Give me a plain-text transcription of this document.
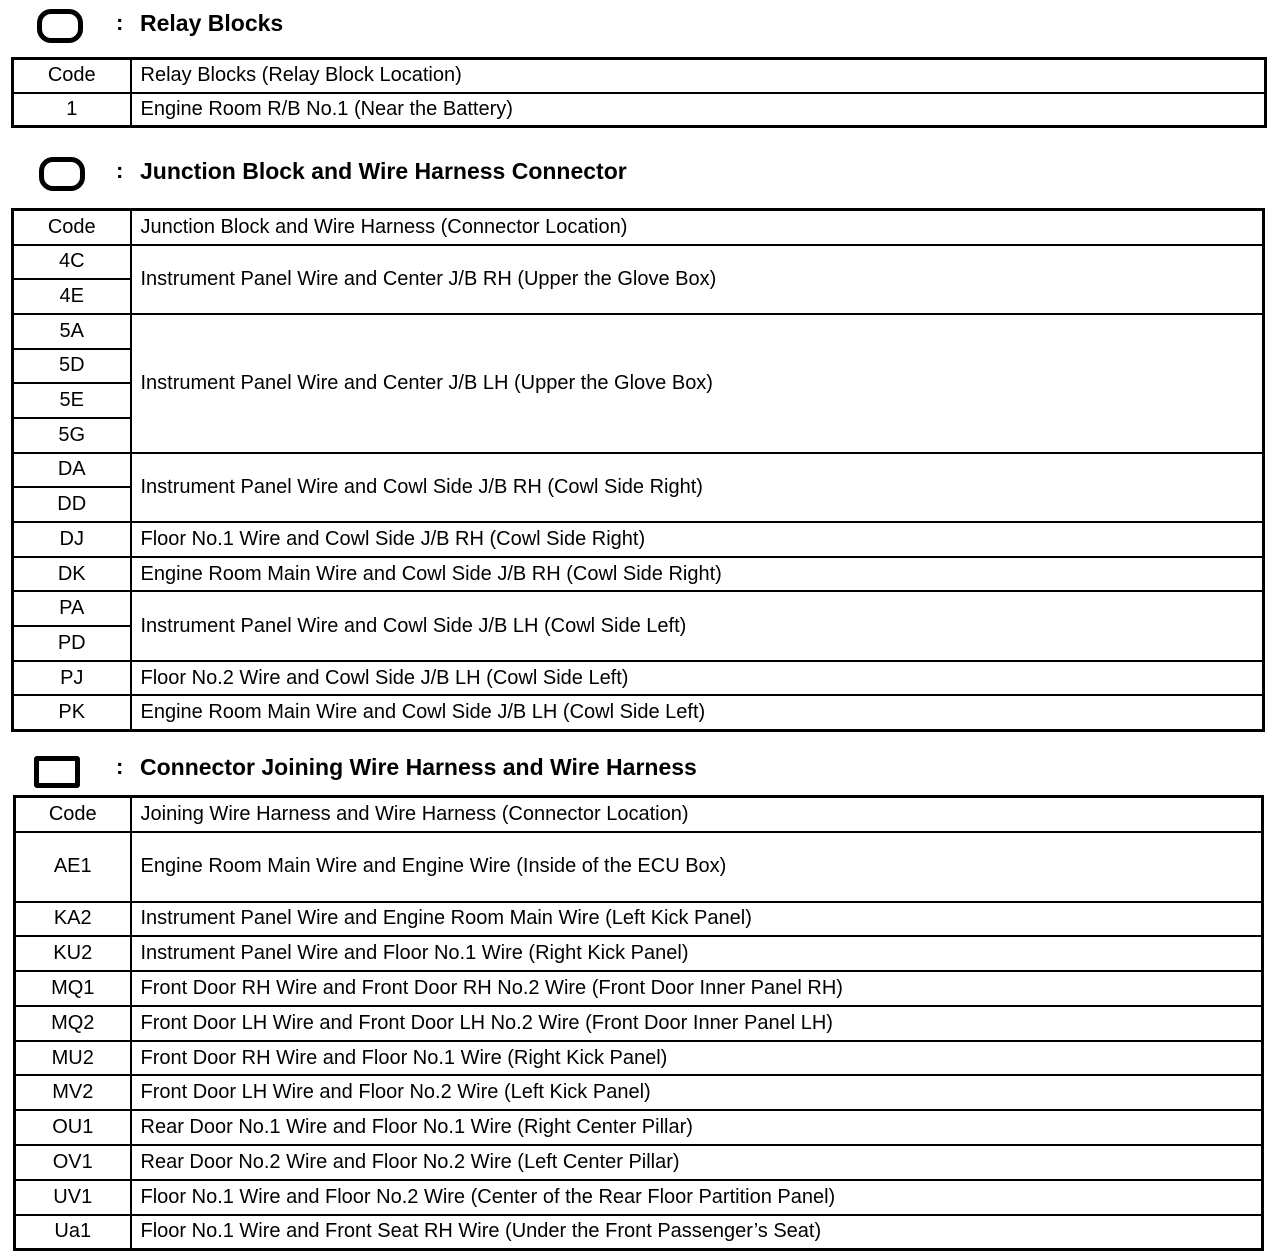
: Relay Blocks
Code	Relay Blocks (Relay Block Location)
1	Engine Room R/B No.1 (Near the Battery)
: Junction Block and Wire Harness Connector
Code	Junction Block and Wire Harness (Connector Location)
4C	Instrument Panel Wire and Center J/B RH (Upper the Glove Box)
4E	
5A	Instrument Panel Wire and Center J/B LH (Upper the Glove Box)
5D	
5E	
5G	
DA	Instrument Panel Wire and Cowl Side J/B RH (Cowl Side Right)
DD	
DJ	Floor No.1 Wire and Cowl Side J/B RH (Cowl Side Right)
DK	Engine Room Main Wire and Cowl Side J/B RH (Cowl Side Right)
PA	Instrument Panel Wire and Cowl Side J/B LH (Cowl Side Left)
PD	
PJ	Floor No.2 Wire and Cowl Side J/B LH (Cowl Side Left)
PK	Engine Room Main Wire and Cowl Side J/B LH (Cowl Side Left)
: Connector Joining Wire Harness and Wire Harness
Code	Joining Wire Harness and Wire Harness (Connector Location)
AE1	Engine Room Main Wire and Engine Wire (Inside of the ECU Box)
KA2	Instrument Panel Wire and Engine Room Main Wire (Left Kick Panel)
KU2	Instrument Panel Wire and Floor No.1 Wire (Right Kick Panel)
MQ1	Front Door RH Wire and Front Door RH No.2 Wire (Front Door Inner Panel RH)
MQ2	Front Door LH Wire and Front Door LH No.2 Wire (Front Door Inner Panel LH)
MU2	Front Door RH Wire and Floor No.1 Wire (Right Kick Panel)
MV2	Front Door LH Wire and Floor No.2 Wire (Left Kick Panel)
OU1	Rear Door No.1 Wire and Floor No.1 Wire (Right Center Pillar)
OV1	Rear Door No.2 Wire and Floor No.2 Wire (Left Center Pillar)
UV1	Floor No.1 Wire and Floor No.2 Wire (Center of the Rear Floor Partition Panel)
Ua1	Floor No.1 Wire and Front Seat RH Wire (Under the Front Passenger’s Seat)
